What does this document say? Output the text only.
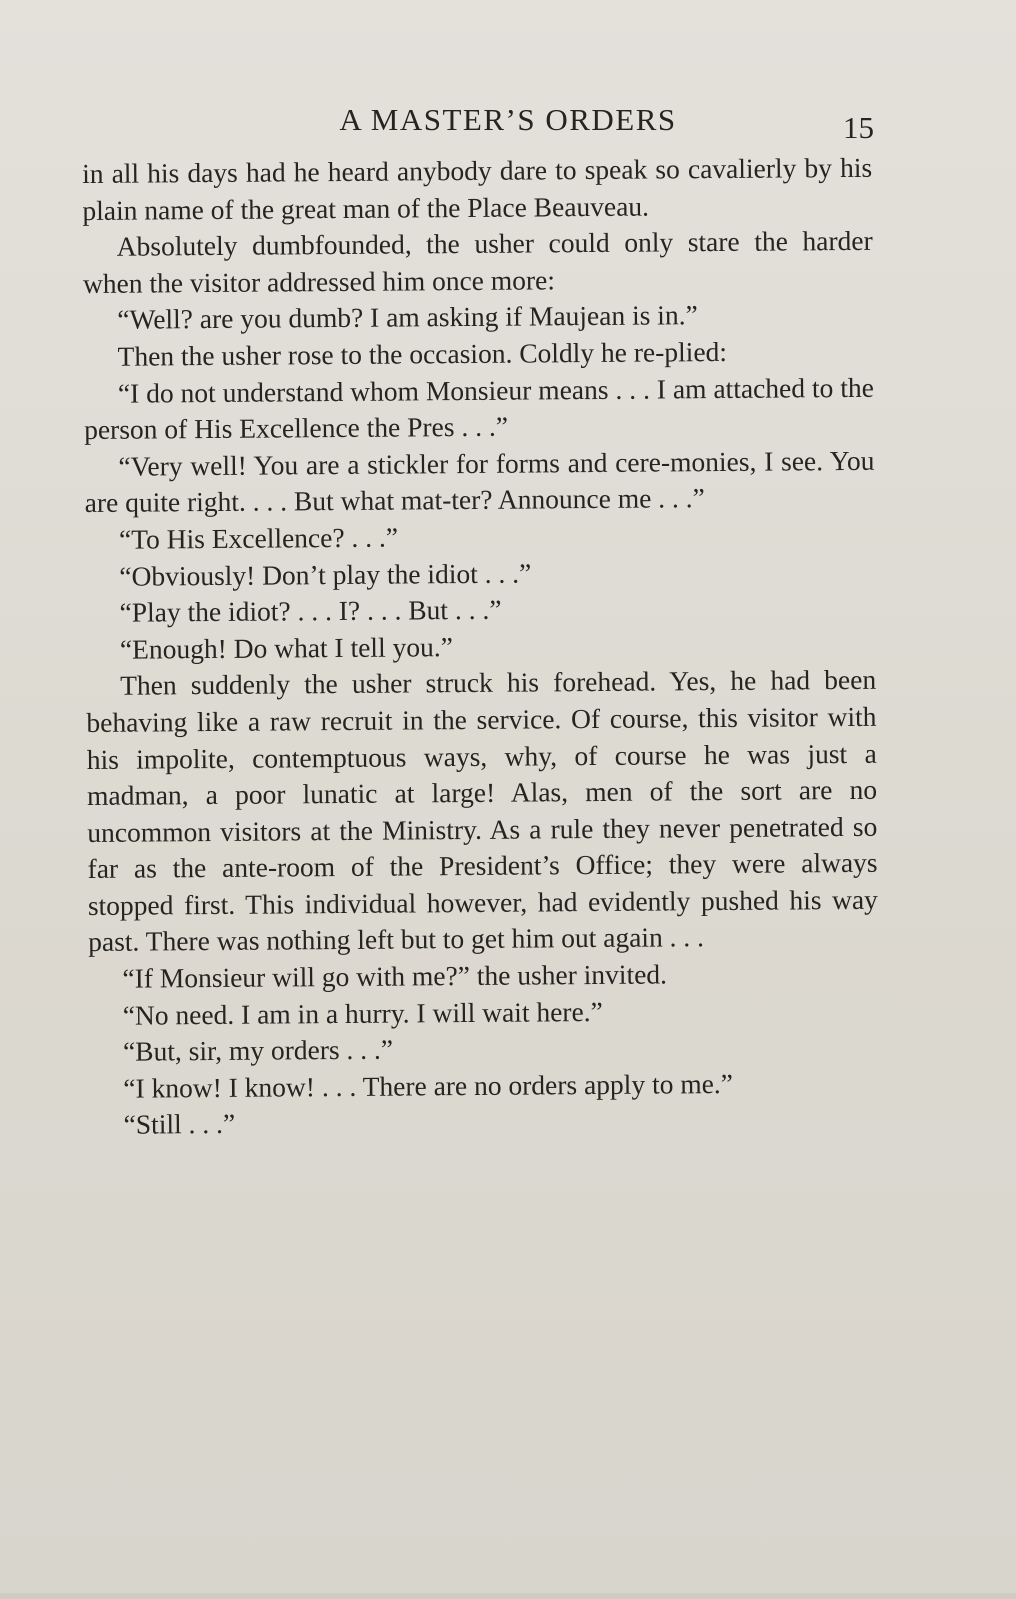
A MASTER’S ORDERS	15

in all his days had he heard anybody dare to speak so cavalierly by his plain name of the great man of the Place Beauveau.

Absolutely dumbfounded, the usher could only stare the harder when the visitor addressed him once more:

“Well? are you dumb? I am asking if Maujean is in.”

Then the usher rose to the occasion. Coldly he re-plied:

“I do not understand whom Monsieur means . . . I am attached to the person of His Excellence the Pres . . .”

“Very well! You are a stickler for forms and cere-monies, I see. You are quite right. . . . But what mat-ter? Announce me . . .”

“To His Excellence? . . .”

“Obviously! Don’t play the idiot . . .”

“Play the idiot? . . . I? . . . But . . .”

“Enough! Do what I tell you.”

Then suddenly the usher struck his forehead. Yes, he had been behaving like a raw recruit in the service. Of course, this visitor with his impolite, contemptuous ways, why, of course he was just a madman, a poor lunatic at large! Alas, men of the sort are no uncommon visitors at the Ministry. As a rule they never penetrated so far as the ante-room of the President’s Office; they were always stopped first. This individual however, had evidently pushed his way past. There was nothing left but to get him out again . . .

“If Monsieur will go with me?” the usher invited.

“No need. I am in a hurry. I will wait here.”

“But, sir, my orders . . .”

“I know! I know! . . . There are no orders apply to me.”

“Still . . .”
